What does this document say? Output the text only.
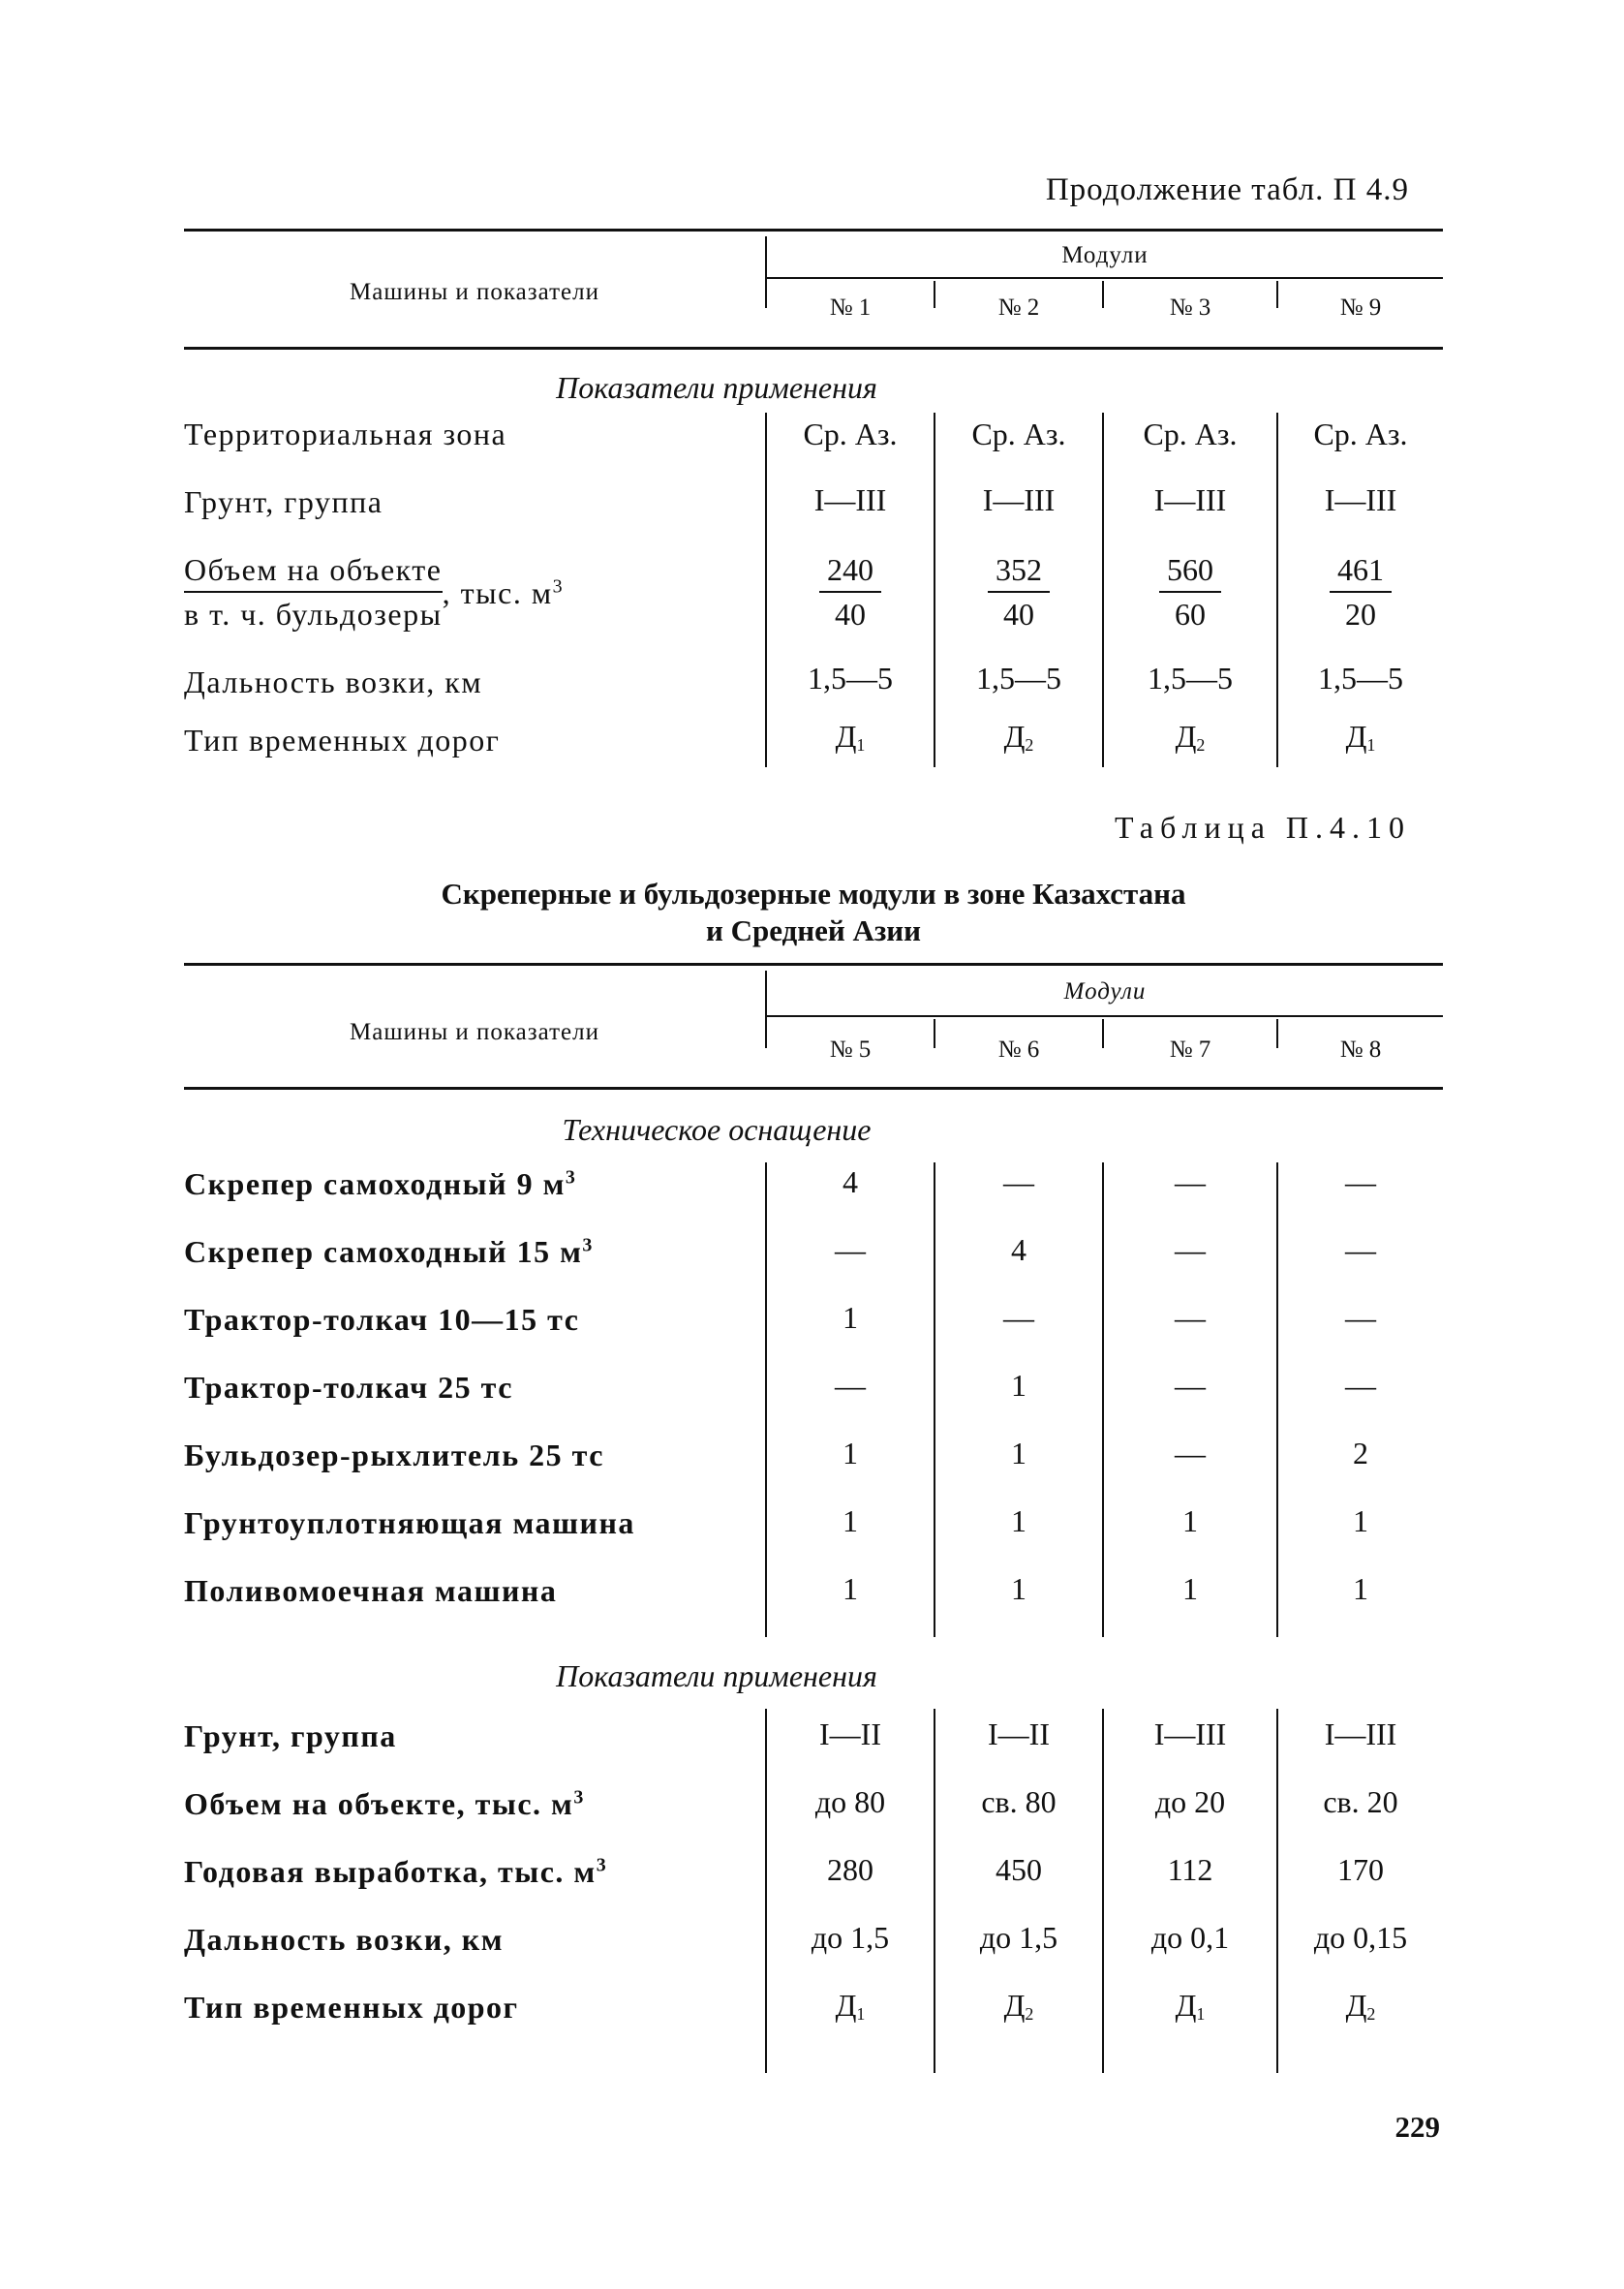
Продолжение табл. П 4.9
Машины и показатели
Модули
№ 1	№ 2	№ 3	№ 9
Показатели применения
Территориальная зона	Ср. Аз.	Ср. Аз.	Ср. Аз.	Ср. Аз.
Грунт, группа	I—III	I—III	I—III	I—III
$\frac{\text{Объем на объекте}}{\text{в т. ч. бульдозеры}}$ , тыс. $м^3$	$\frac{240}{40}$	$\frac{352}{40}$	$\frac{560}{60}$	$\frac{461}{20}$
Дальность возки, км	1,5—5	1,5—5	1,5—5	1,5—5
Тип временных дорог	$Д_1$	$Д_2$	$Д_2$	$Д_1$
Таблица П.4.10
Скреперные и бульдозерные модули в зоне Казахстана
и Средней Азии
Машины и показатели
Модули
№ 5	№ 6	№ 7	№ 8
Техническое оснащение
Скрепер самоходный 9 $м^3$	4	—	—	—
Скрепер самоходный 15 $м^3$	—	4	—	—
Трактор-толкач 10—15 тс	1	—	—	—
Трактор-толкач 25 тс	—	1	—	—
Бульдозер-рыхлитель 25 тс	1	1	—	2
Грунтоуплотняющая машина	1	1	1	1
Поливомоечная машина	1	1	1	1
Показатели применения
Грунт, группа	I—II	I—II	I—III	I—III
Объем на объекте, тыс. $м^3$	до 80	св. 80	до 20	св. 20
Годовая выработка, тыс. $м^3$	280	450	112	170
Дальность возки, км	до 1,5	до 1,5	до 0,1	до 0,15
Тип временных дорог	$Д_1$	$Д_2$	$Д_1$	$Д_2$
229
